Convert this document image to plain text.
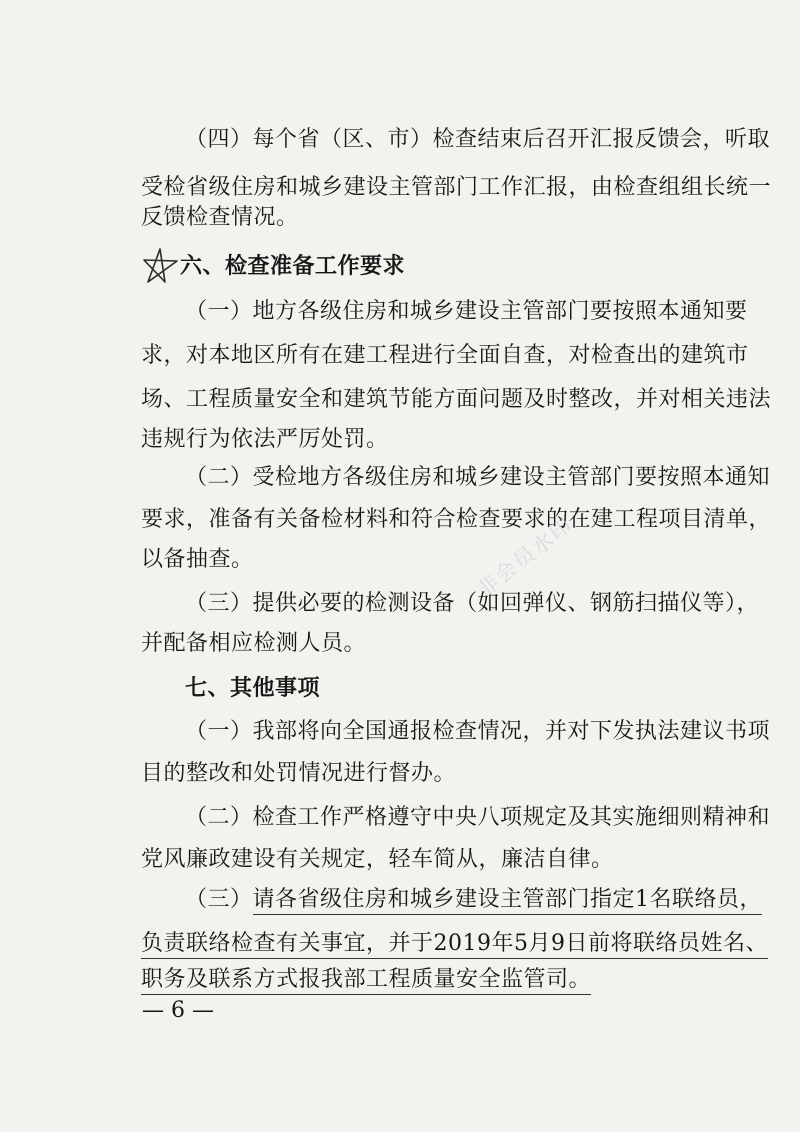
（四）每个省（区、市）检查结束后召开汇报反馈会，听取
受检省级住房和城乡建设主管部门工作汇报，由检查组组长统一
反馈检查情况。
六、检查准备工作要求
（一）地方各级住房和城乡建设主管部门要按照本通知要
求，对本地区所有在建工程进行全面自查，对检查出的建筑市
场、工程质量安全和建筑节能方面问题及时整改，并对相关违法
违规行为依法严厉处罚。
（二）受检地方各级住房和城乡建设主管部门要按照本通知
要求，准备有关备检材料和符合检查要求的在建工程项目清单，
以备抽查。
（三）提供必要的检测设备（如回弹仪、钢筋扫描仪等），
并配备相应检测人员。
七、其他事项
（一）我部将向全国通报检查情况，并对下发执法建议书项
目的整改和处罚情况进行督办。
（二）检查工作严格遵守中央八项规定及其实施细则精神和
党风廉政建设有关规定，轻车简从，廉洁自律。
（三）请各省级住房和城乡建设主管部门指定1名联络员，
负责联络检查有关事宜，并于2019年5月9日前将联络员姓名、
职务及联系方式报我部工程质量安全监管司。
— 6 —
非会员水印
